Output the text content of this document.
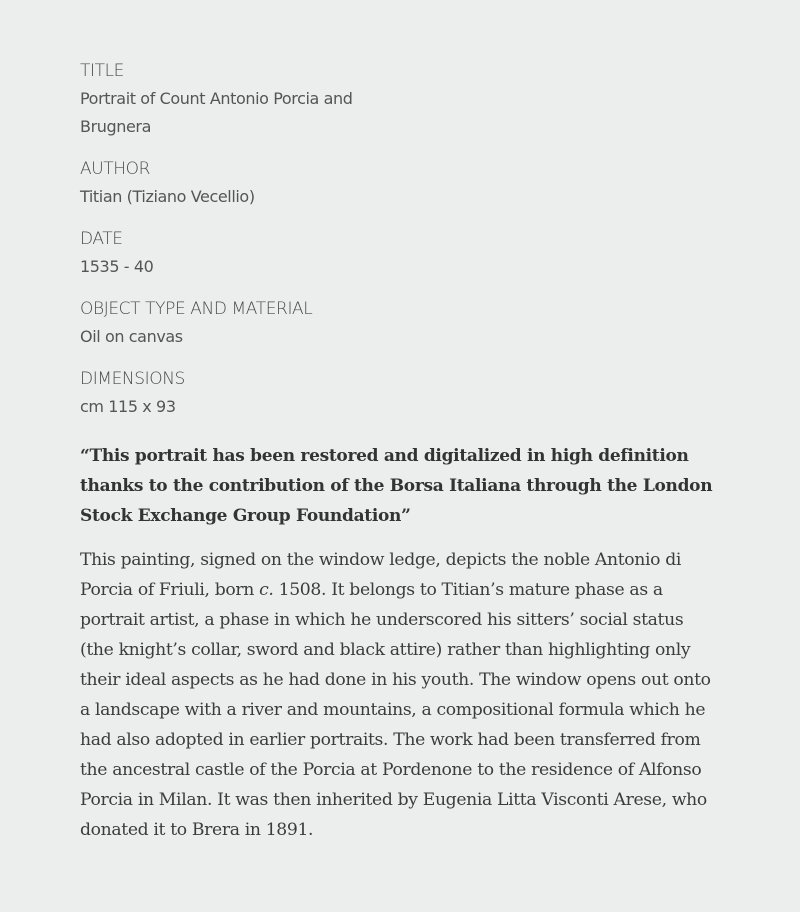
TITLE
Portrait of Count Antonio Porcia and Brugnera
AUTHOR
Titian (Tiziano Vecellio)
DATE
1535 - 40
OBJECT TYPE AND MATERIAL
Oil on canvas
DIMENSIONS
cm 115 x 93
“This portrait has been restored and digitalized in high definition thanks to the contribution of the Borsa Italiana through the London Stock Exchange Group Foundation”

This painting, signed on the window ledge, depicts the noble Antonio di Porcia of Friuli, born c. 1508. It belongs to Titian’s mature phase as a portrait artist, a phase in which he underscored his sitters’ social status (the knight’s collar, sword and black attire) rather than highlighting only their ideal aspects as he had done in his youth. The window opens out onto a landscape with a river and mountains, a compositional formula which he had also adopted in earlier portraits. The work had been transferred from the ancestral castle of the Porcia at Pordenone to the residence of Alfonso Porcia in Milan. It was then inherited by Eugenia Litta Visconti Arese, who donated it to Brera in 1891.
